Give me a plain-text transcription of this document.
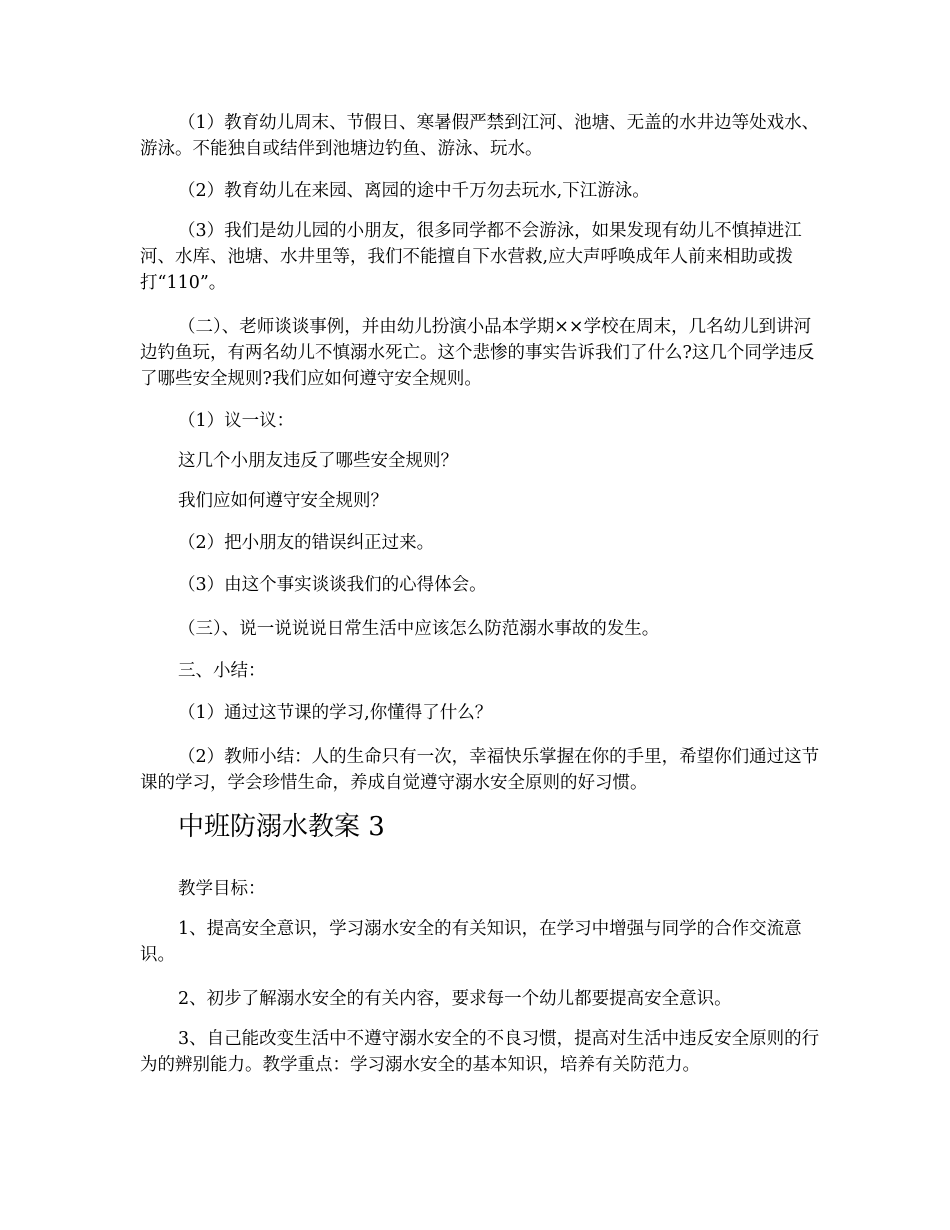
（1）教育幼儿周末、节假日、寒暑假严禁到江河、池塘、无盖的水井边等处戏水、游泳。不能独自或结伴到池塘边钓鱼、游泳、玩水。

（2）教育幼儿在来园、离园的途中千万勿去玩水,下江游泳。

（3）我们是幼儿园的小朋友，很多同学都不会游泳，如果发现有幼儿不慎掉进江河、水库、池塘、水井里等，我们不能擅自下水营救,应大声呼唤成年人前来相助或拨打“110”。

（二）、老师谈谈事例，并由幼儿扮演小品本学期××学校在周末，几名幼儿到讲河边钓鱼玩，有两名幼儿不慎溺水死亡。这个悲惨的事实告诉我们了什么?这几个同学违反了哪些安全规则?我们应如何遵守安全规则。

（1）议一议：

这几个小朋友违反了哪些安全规则？

我们应如何遵守安全规则？

（2）把小朋友的错误纠正过来。

（3）由这个事实谈谈我们的心得体会。

（三）、说一说说说日常生活中应该怎么防范溺水事故的发生。

三、小结：

（1）通过这节课的学习,你懂得了什么？

（2）教师小结：人的生命只有一次，幸福快乐掌握在你的手里，希望你们通过这节课的学习，学会珍惜生命，养成自觉遵守溺水安全原则的好习惯。

中班防溺水教案 3

教学目标：

1、提高安全意识，学习溺水安全的有关知识，在学习中增强与同学的合作交流意识。

2、初步了解溺水安全的有关内容，要求每一个幼儿都要提高安全意识。

3、自己能改变生活中不遵守溺水安全的不良习惯，提高对生活中违反安全原则的行为的辨别能力。教学重点：学习溺水安全的基本知识，培养有关防范力。
